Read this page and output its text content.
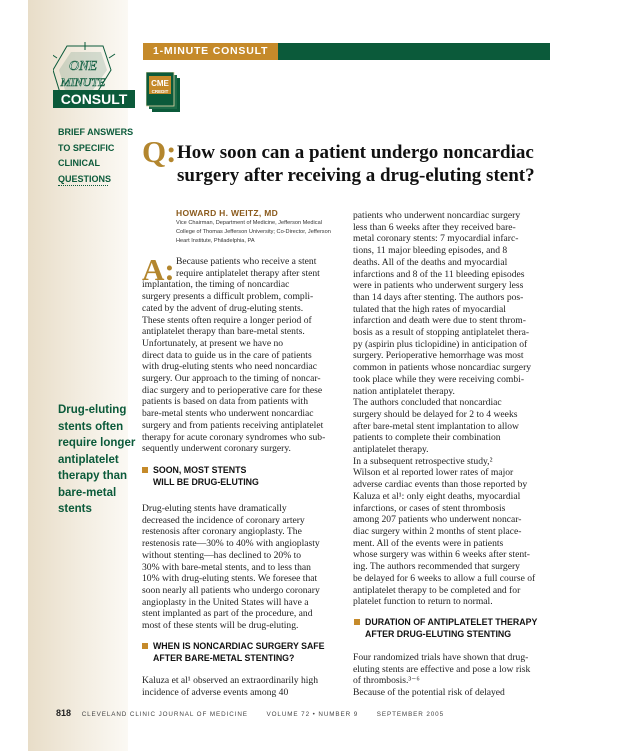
1-MINUTE CONSULT
ONE
MINUTE
CONSULT
CME
CREDIT
BRIEF ANSWERS
TO SPECIFIC
CLINICAL
QUESTIONS
Drug-eluting
stents often
require longer
antiplatelet
therapy than
bare-metal
stents
Q: How soon can a patient undergo noncardiac
surgery after receiving a drug-eluting stent?
HOWARD H. WEITZ, MD
Vice Chairman, Department of Medicine, Jefferson Medical
College of Thomas Jefferson University; Co-Director, Jefferson
Heart Institute, Philadelphia, PA
A: Because patients who receive a stent
require antiplatelet therapy after stent
implantation, the timing of noncardiac
surgery presents a difficult problem, compli-
cated by the advent of drug-eluting stents.
These stents often require a longer period of
antiplatelet therapy than bare-metal stents.
Unfortunately, at present we have no
direct data to guide us in the care of patients
with drug-eluting stents who need noncardiac
surgery. Our approach to the timing of noncar-
diac surgery and to perioperative care for these
patients is based on data from patients with
bare-metal stents who underwent noncardiac
surgery and from patients receiving antiplatelet
therapy for acute coronary syndromes who sub-
sequently underwent coronary surgery.
SOON, MOST STENTS
WILL BE DRUG-ELUTING
Drug-eluting stents have dramatically
decreased the incidence of coronary artery
restenosis after coronary angioplasty. The
restenosis rate—30% to 40% with angioplasty
without stenting—has declined to 20% to
30% with bare-metal stents, and to less than
10% with drug-eluting stents. We foresee that
soon nearly all patients who undergo coronary
angioplasty in the United States will have a
stent implanted as part of the procedure, and
most of these stents will be drug-eluting.
WHEN IS NONCARDIAC SURGERY SAFE
AFTER BARE-METAL STENTING?
Kaluza et al¹ observed an extraordinarily high
incidence of adverse events among 40
patients who underwent noncardiac surgery
less than 6 weeks after they received bare-
metal coronary stents: 7 myocardial infarc-
tions, 11 major bleeding episodes, and 8
deaths. All of the deaths and myocardial
infarctions and 8 of the 11 bleeding episodes
were in patients who underwent surgery less
than 14 days after stenting. The authors pos-
tulated that the high rates of myocardial
infarction and death were due to stent throm-
bosis as a result of stopping antiplatelet thera-
py (aspirin plus ticlopidine) in anticipation of
surgery. Perioperative hemorrhage was most
common in patients whose noncardiac surgery
took place while they were receiving combi-
nation antiplatelet therapy.
The authors concluded that noncardiac
surgery should be delayed for 2 to 4 weeks
after bare-metal stent implantation to allow
patients to complete their combination
antiplatelet therapy.
In a subsequent retrospective study,²
Wilson et al reported lower rates of major
adverse cardiac events than those reported by
Kaluza et al¹: only eight deaths, myocardial
infarctions, or cases of stent thrombosis
among 207 patients who underwent noncar-
diac surgery within 2 months of stent place-
ment. All of the events were in patients
whose surgery was within 6 weeks after stent-
ing. The authors recommended that surgery
be delayed for 6 weeks to allow a full course of
antiplatelet therapy to be completed and for
platelet function to return to normal.
DURATION OF ANTIPLATELET THERAPY
AFTER DRUG-ELUTING STENTING
Four randomized trials have shown that drug-
eluting stents are effective and pose a low risk
of thrombosis.³⁻⁶
Because of the potential risk of delayed
818 CLEVELAND CLINIC JOURNAL OF MEDICINE	VOLUME 72 • NUMBER 9	SEPTEMBER 2005
